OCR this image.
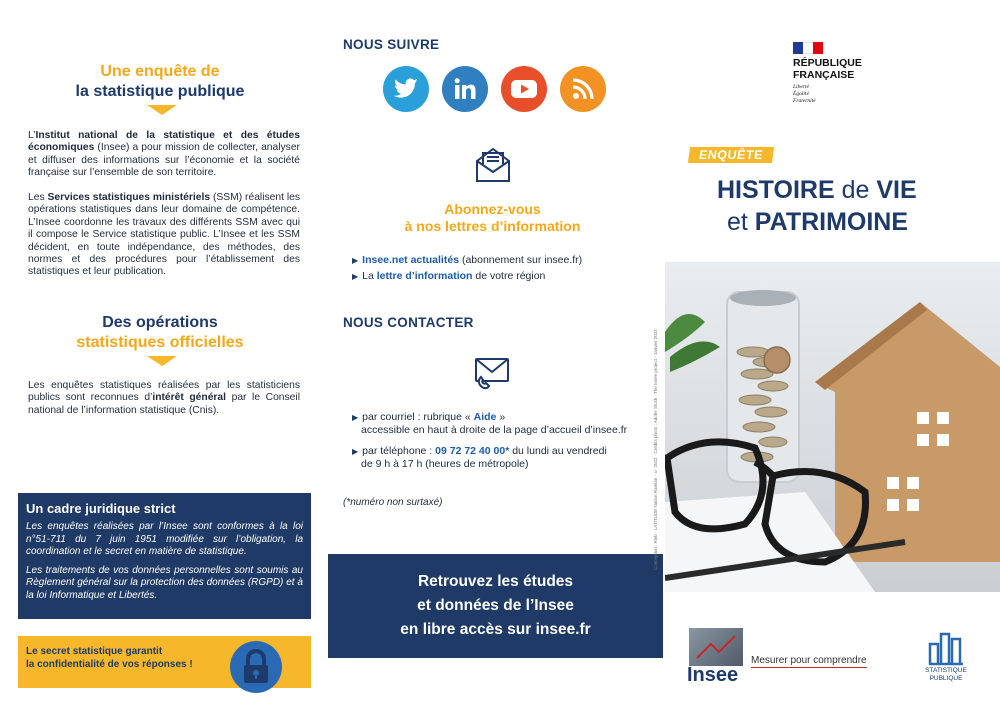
Une enquête de
la statistique publique
L’Institut national de la statistique et des études économiques (Insee) a pour mission de collecter, analyser et diffuser des informations sur l’économie et la société française sur l’ensemble de son territoire.
Les Services statistiques ministériels (SSM) réalisent les opérations statistiques dans leur domaine de compétence. L’Insee coordonne les travaux des différents SSM avec qui il compose le Service statistique public. L’Insee et les SSM décident, en toute indépendance, des méthodes, des normes et des procédures pour l’établissement des statistiques et leur publication.
Des opérations
statistiques officielles
Les enquêtes statistiques réalisées par les statisticiens publics sont reconnues d’intérêt général par le Conseil national de l’information statistique (Cnis).
Un cadre juridique strict
Les enquêtes réalisées par l’Insee sont conformes à la loi n°51-711 du 7 juin 1951 modifiée sur l’obligation, la coordination et le secret en matière de statistique.
Les traitements de vos données personnelles sont soumis au Règlement général sur la protection des données (RGPD) et à la loi Informatique et Libertés.
Le secret statistique garantit
la confidentialité de vos réponses !
NOUS SUIVRE
Abonnez-vous
à nos lettres d’information
▶ Insee.net actualités (abonnement sur insee.fr)
▶ La lettre d’information de votre région
NOUS CONTACTER
▶ par courriel : rubrique « Aide »
accessible en haut à droite de la page d’accueil d’insee.fr
▶ par téléphone : 09 72 72 40 00* du lundi au vendredi
de 9 h à 17 h (heures de métropole)
(*numéro non surtaxé)
Retrouvez les études
et données de l’Insee
en libre accès sur insee.fr
Conception : Rieb · LATITUDE Nation Ratelan · © 2022 · Crédits photo : Adobe Stock · The Insee project · Janvier 2023
RÉPUBLIQUE
FRANÇAISE
Liberté
Égalité
Fraternité
ENQUÊTE
HISTOIRE de VIE
et PATRIMOINE
Insee
Mesurer pour comprendre
STATISTIQUE
PUBLIQUE
